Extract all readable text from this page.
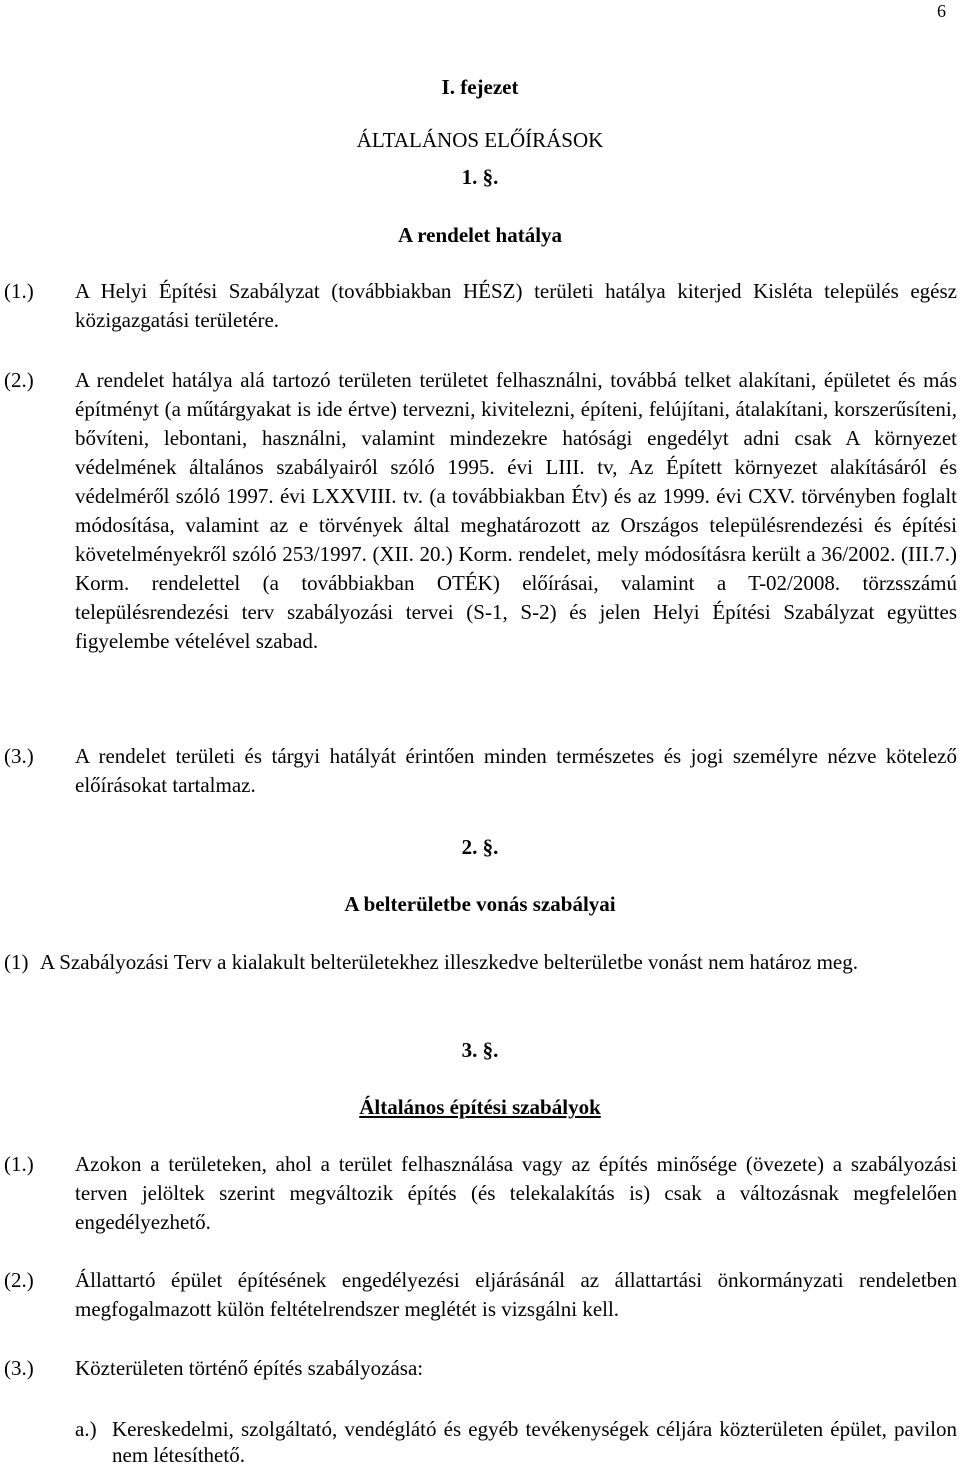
6
I. fejezet
ÁLTALÁNOS ELŐÍRÁSOK
1. §.
A rendelet hatálya
(1.) A Helyi Építési Szabályzat (továbbiakban HÉSZ) területi hatálya kiterjed Kisléta település egész közigazgatási területére.

(2.) A rendelet hatálya alá tartozó területen területet felhasználni, továbbá telket alakítani, épületet és más építményt (a műtárgyakat is ide értve) tervezni, kivitelezni, építeni, felújítani, átalakítani, korszerűsíteni, bővíteni, lebontani, használni, valamint mindezekre hatósági engedélyt adni csak A környezet védelmének általános szabályairól szóló 1995. évi LIII. tv, Az Épített környezet alakításáról és védelméről szóló 1997. évi LXXVIII. tv. (a továbbiakban Étv) és az 1999. évi CXV. törvényben foglalt módosítása, valamint az e törvények által meghatározott az Országos településrendezési és építési követelményekről szóló 253/1997. (XII. 20.) Korm. rendelet, mely módosításra került a 36/2002. (III.7.) Korm. rendelettel (a továbbiakban OTÉK) előírásai, valamint a T-02/2008. törzsszámú településrendezési terv szabályozási tervei (S-1, S-2) és jelen Helyi Építési Szabályzat együttes figyelembe vételével szabad.

(3.) A rendelet területi és tárgyi hatályát érintően minden természetes és jogi személyre nézve kötelező előírásokat tartalmaz.

2. §.
A belterületbe vonás szabályai
(1) A Szabályozási Terv a kialakult belterületekhez illeszkedve belterületbe vonást nem határoz meg.

3. §.
Általános építési szabályok
(1.) Azokon a területeken, ahol a terület felhasználása vagy az építés minősége (övezete) a szabályozási terven jelöltek szerint megváltozik építés (és telekalakítás is) csak a változásnak megfelelően engedélyezhető.

(2.) Állattartó épület építésének engedélyezési eljárásánál az állattartási önkormányzati rendeletben megfogalmazott külön feltételrendszer meglétét is vizsgálni kell.

(3.) Közterületen történő építés szabályozása:

a.) Kereskedelmi, szolgáltató, vendéglátó és egyéb tevékenységek céljára közterületen épület, pavilon nem létesíthető.
